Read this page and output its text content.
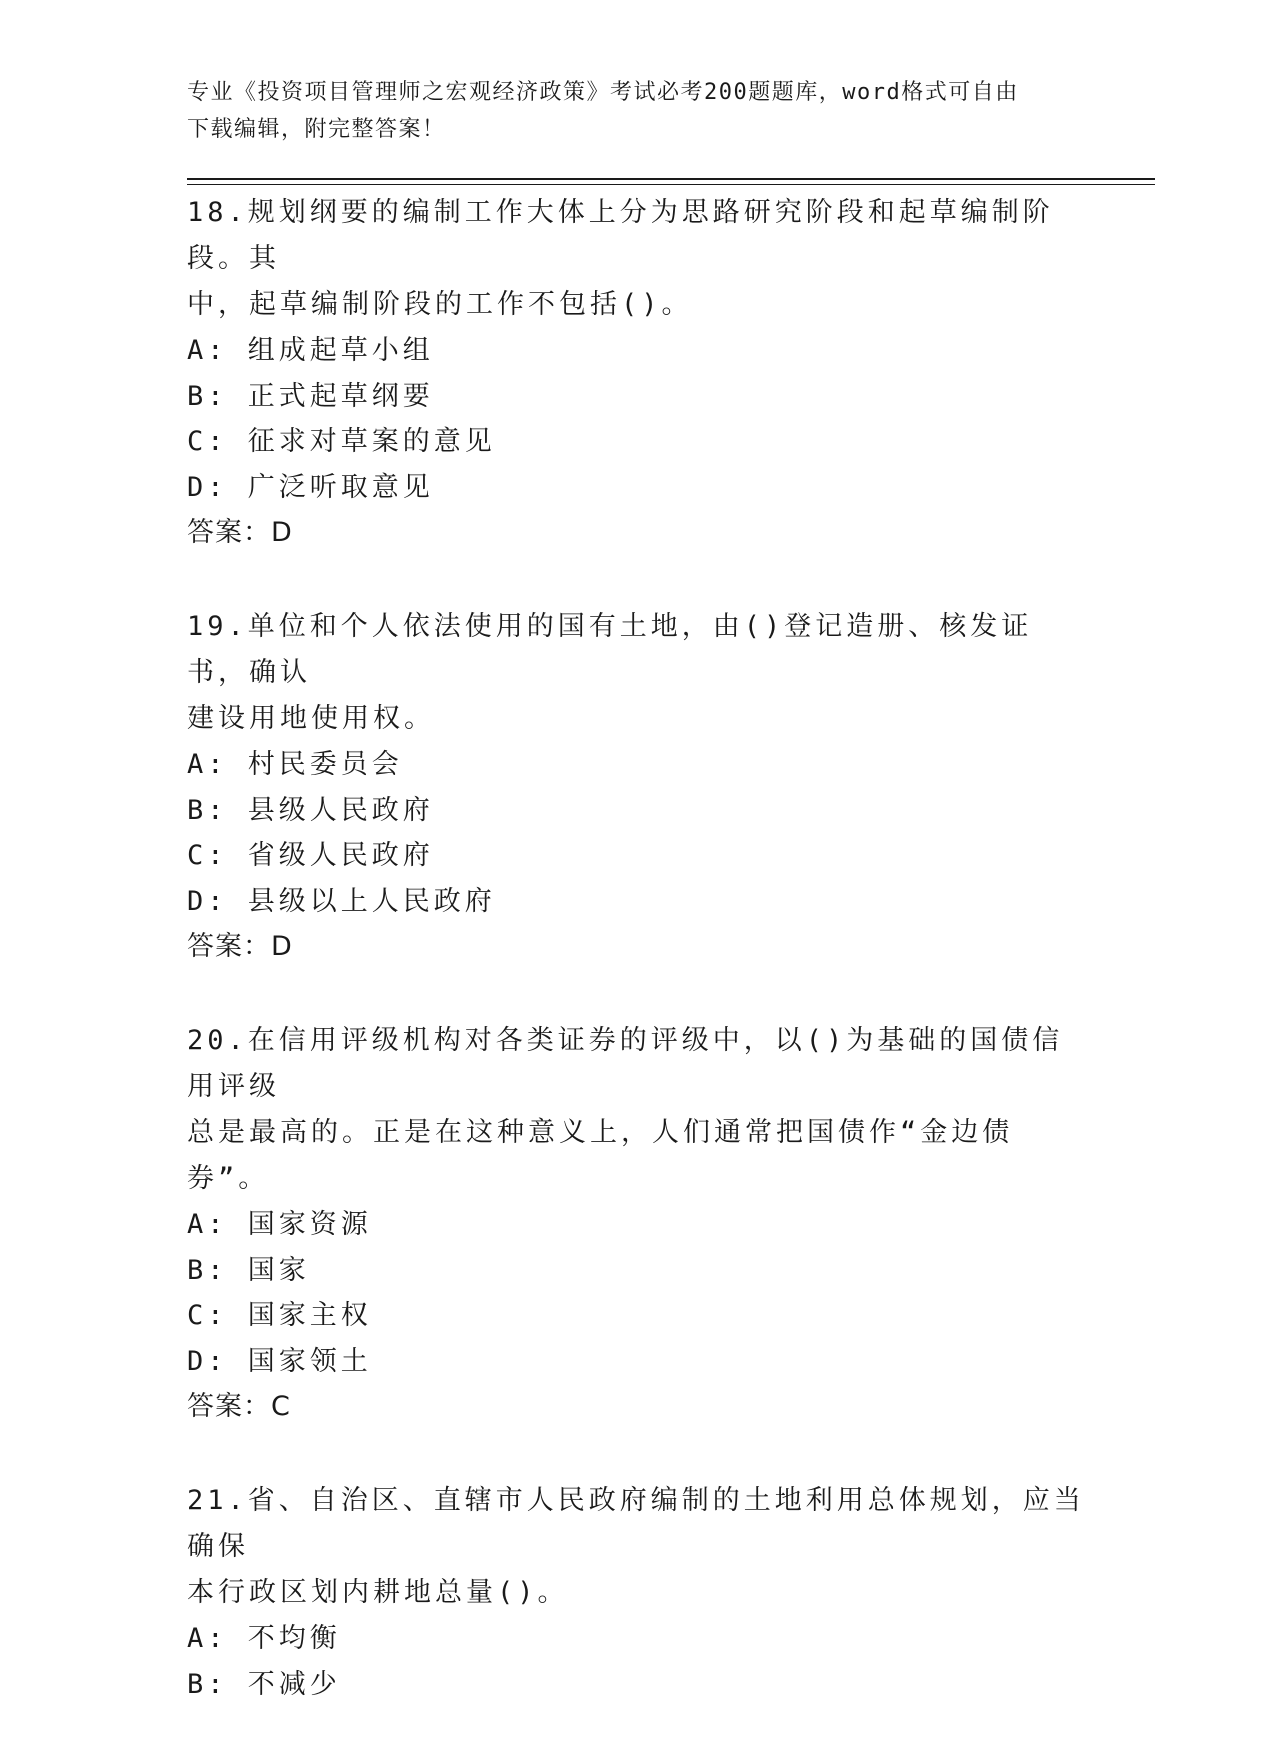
专业《投资项目管理师之宏观经济政策》考试必考200题题库，word格式可自由
下载编辑，附完整答案！
18.规划纲要的编制工作大体上分为思路研究阶段和起草编制阶段。其
中，起草编制阶段的工作不包括()。
A: 组成起草小组
B: 正式起草纲要
C: 征求对草案的意见
D: 广泛听取意见
答案：D
19.单位和个人依法使用的国有土地，由()登记造册、核发证书，确认
建设用地使用权。
A: 村民委员会
B: 县级人民政府
C: 省级人民政府
D: 县级以上人民政府
答案：D
20.在信用评级机构对各类证券的评级中，以()为基础的国债信用评级
总是最高的。正是在这种意义上，人们通常把国债作“金边债券”。
A: 国家资源
B: 国家
C: 国家主权
D: 国家领土
答案：C
21.省、自治区、直辖市人民政府编制的土地利用总体规划，应当确保
本行政区划内耕地总量()。
A: 不均衡
B: 不减少
